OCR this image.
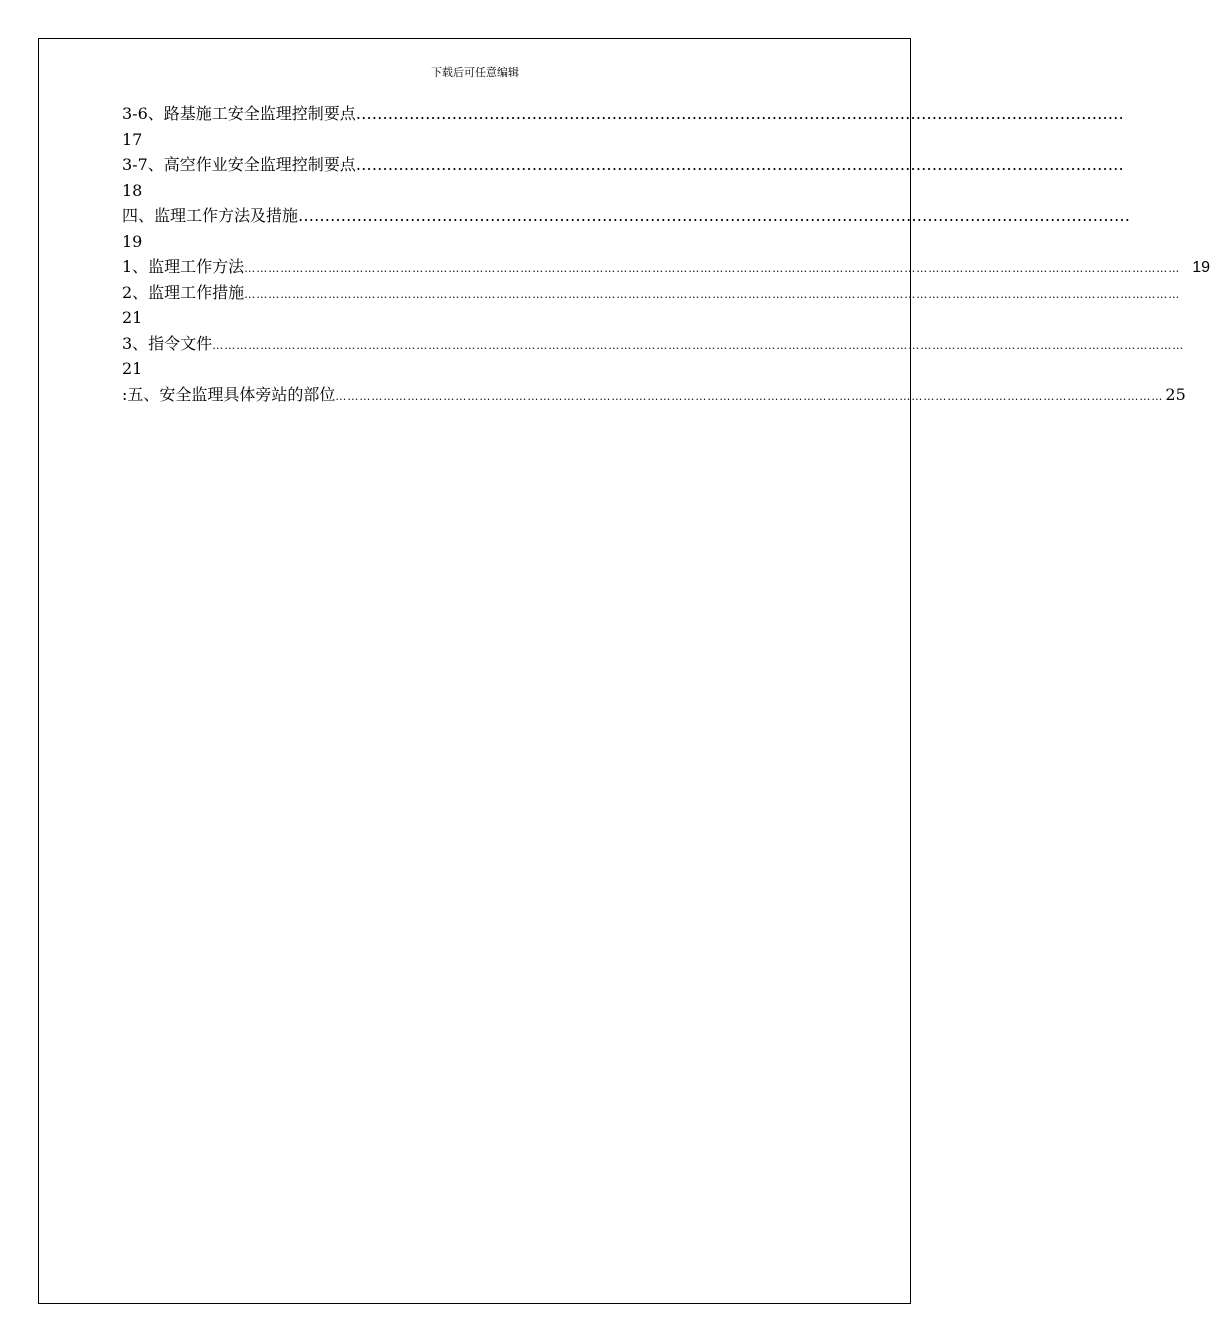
下载后可任意编辑
3-6、路基施工安全监理控制要点 ………………………………………………………………………………………………………………………………
17
3-7、高空作业安全监理控制要点 ………………………………………………………………………………………………………………………………
18
四、监理工作方法及措施 …………………………………………………………………………………………………………………………………………
19
1、监理工作方法 ……………………………………………………………………………………………………………………………………………………………………………………………………………… 19
2、监理工作措施 ………………………………………………………………………………………………………………………………………………………………………………………………………………
21
3、指令文件 ………………………………………………………………………………………………………………………………………………………………………………………………………………………
21
:五、安全监理具体旁站的部位 ……………………………………………………………………………………………………………………………………………………………………………………… 25
